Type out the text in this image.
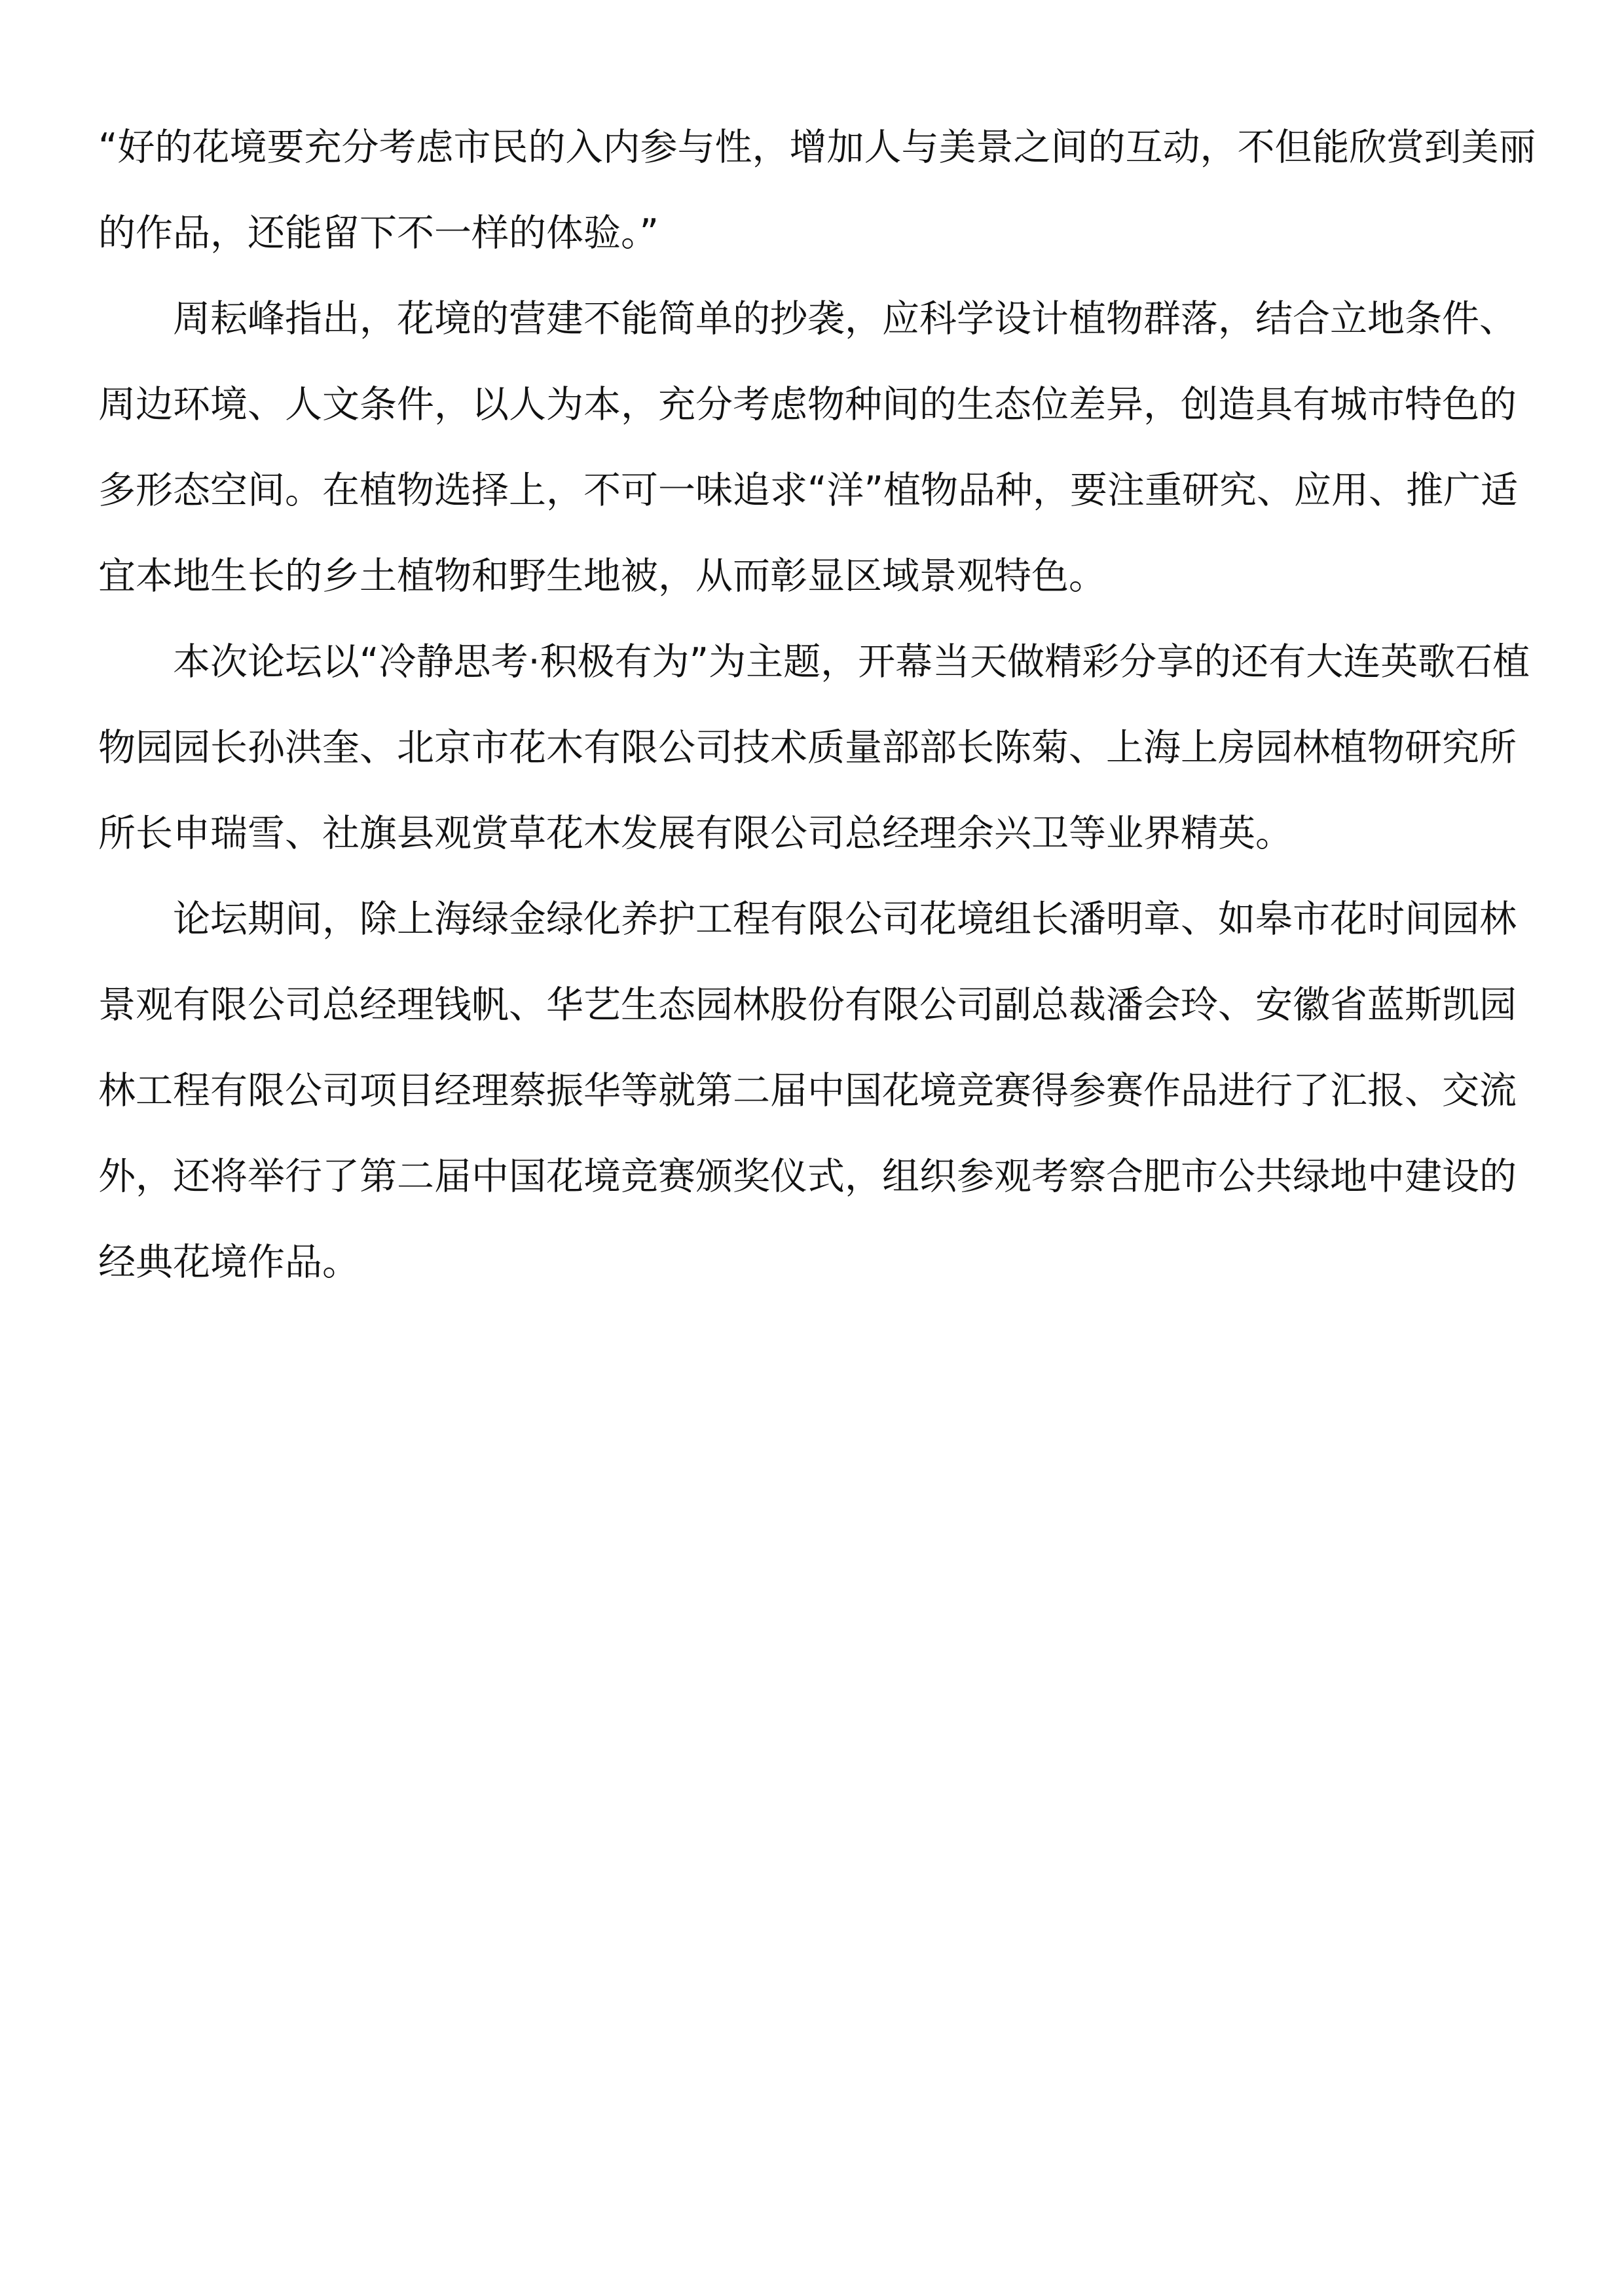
“好的花境要充分考虑市民的入内参与性，增加人与美景之间的互动，不但能欣赏到美丽
的作品，还能留下不一样的体验。”

周耘峰指出，花境的营建不能简单的抄袭，应科学设计植物群落，结合立地条件、
周边环境、人文条件，以人为本，充分考虑物种间的生态位差异，创造具有城市特色的
多形态空间。在植物选择上，不可一味追求“洋”植物品种，要注重研究、应用、推广适
宜本地生长的乡土植物和野生地被，从而彰显区域景观特色。

本次论坛以“冷静思考·积极有为”为主题，开幕当天做精彩分享的还有大连英歌石植
物园园长孙洪奎、北京市花木有限公司技术质量部部长陈菊、上海上房园林植物研究所
所长申瑞雪、社旗县观赏草花木发展有限公司总经理余兴卫等业界精英。

论坛期间，除上海绿金绿化养护工程有限公司花境组长潘明章、如皋市花时间园林
景观有限公司总经理钱帆、华艺生态园林股份有限公司副总裁潘会玲、安徽省蓝斯凯园
林工程有限公司项目经理蔡振华等就第二届中国花境竞赛得参赛作品进行了汇报、交流
外，还将举行了第二届中国花境竞赛颁奖仪式，组织参观考察合肥市公共绿地中建设的
经典花境作品。
